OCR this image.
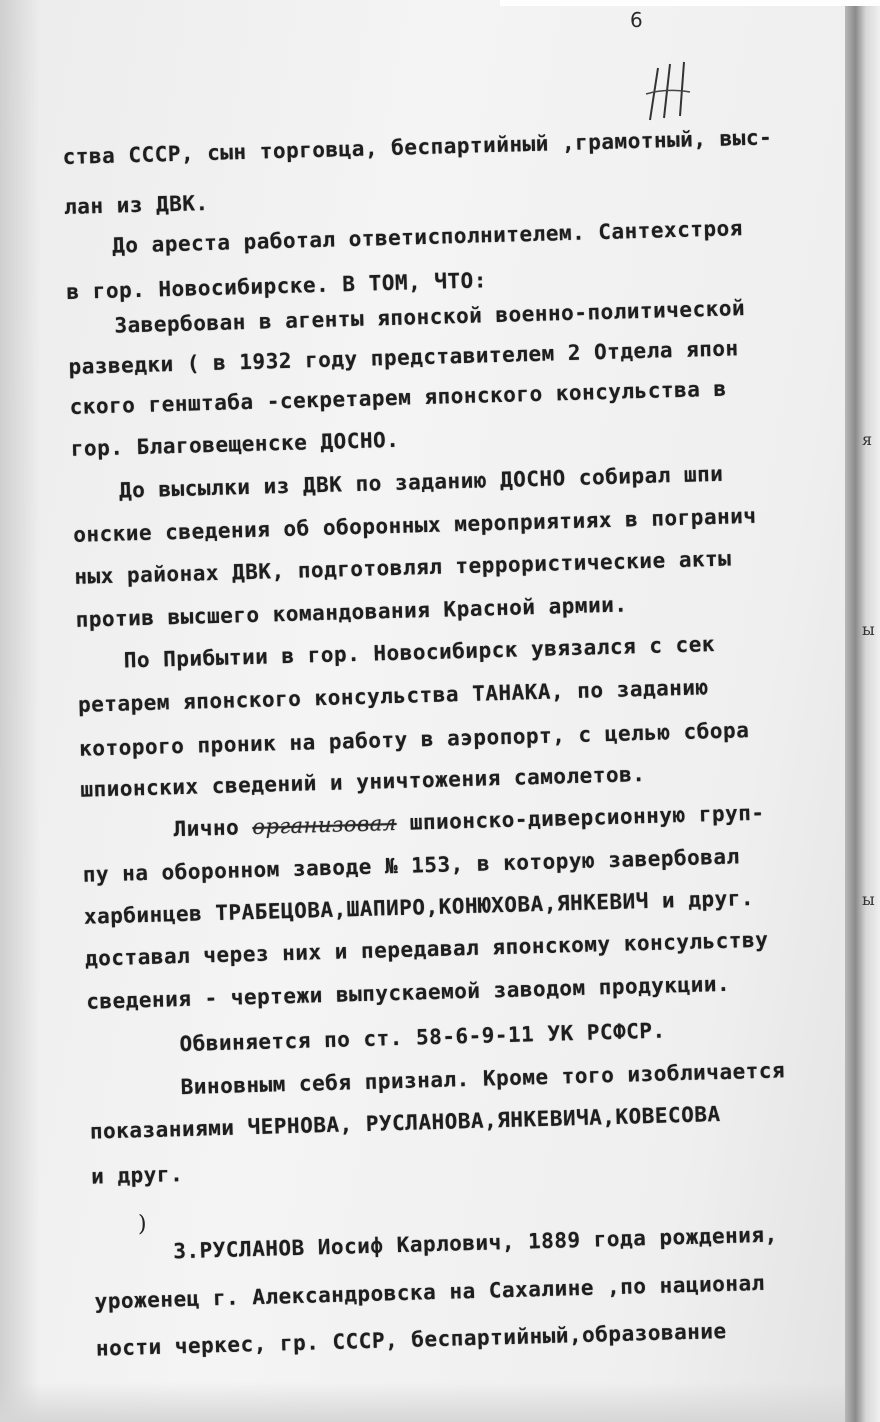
6
ства СССР, сын торговца, беспартийный ,грамотный, выс-
лан из ДВК.
До ареста работал ответисполнителем. Сантехстроя
в гор. Новосибирске. В ТОМ, ЧТО:
Завербован в агенты японской военно-политической
разведки ( в 1932 году представителем 2 Отдела япон
ского генштаба -секретарем японского консульства в
гор. Благовещенске ДОСНО.
До высылки из ДВК по заданию ДОСНО собирал шпи
онские сведения об оборонных мероприятиях в погранич
ных районах ДВК, подготовлял террористические акты
против высшего командования Красной армии.
По Прибытии в гор. Новосибирск увязался с сек
ретарем японского консульства ТАНАКА, по заданию
которого проник на работу в аэропорт, с целью сбора
шпионских сведений и уничтожения самолетов.
Лично организовал шпионско-диверсионную груп-
пу на оборонном заводе № 153, в которую завербовал
харбинцев ТРАБЕЦОВА,ШАПИРО,КОНЮХОВА,ЯНКЕВИЧ и друг.
доставал через них и передавал японскому консульству
сведения - чертежи выпускаемой заводом продукции.
Обвиняется по ст. 58-6-9-11 УК РСФСР.
Виновным себя признал. Кроме того изобличается
показаниями ЧЕРНОВА, РУСЛАНОВА,ЯНКЕВИЧА,КОВЕСОВА
и друг.
3.РУСЛАНОВ Иосиф Карлович, 1889 года рождения,
уроженец г. Александровска на Сахалине ,по национал
ности черкес, гр. СССР, беспартийный,образование
)
я
ы
ы
